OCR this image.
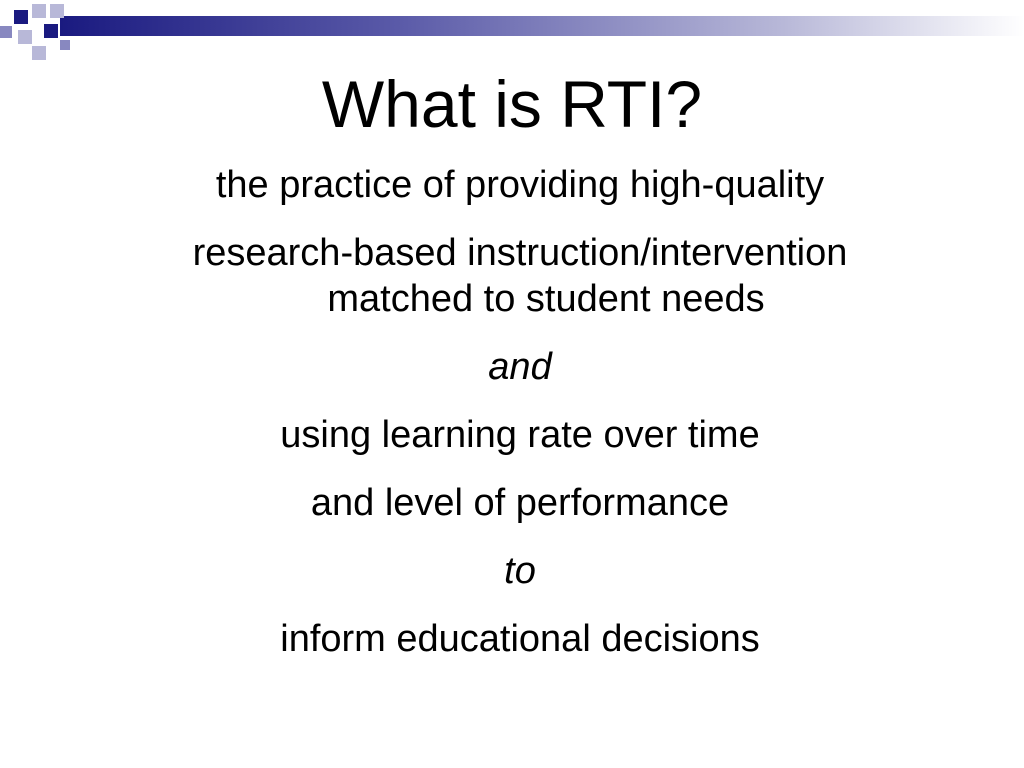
What is RTI?
the practice of providing high-quality
research-based instruction/intervention
matched to student needs
and
using learning rate over time
and level of performance
to
inform educational decisions
